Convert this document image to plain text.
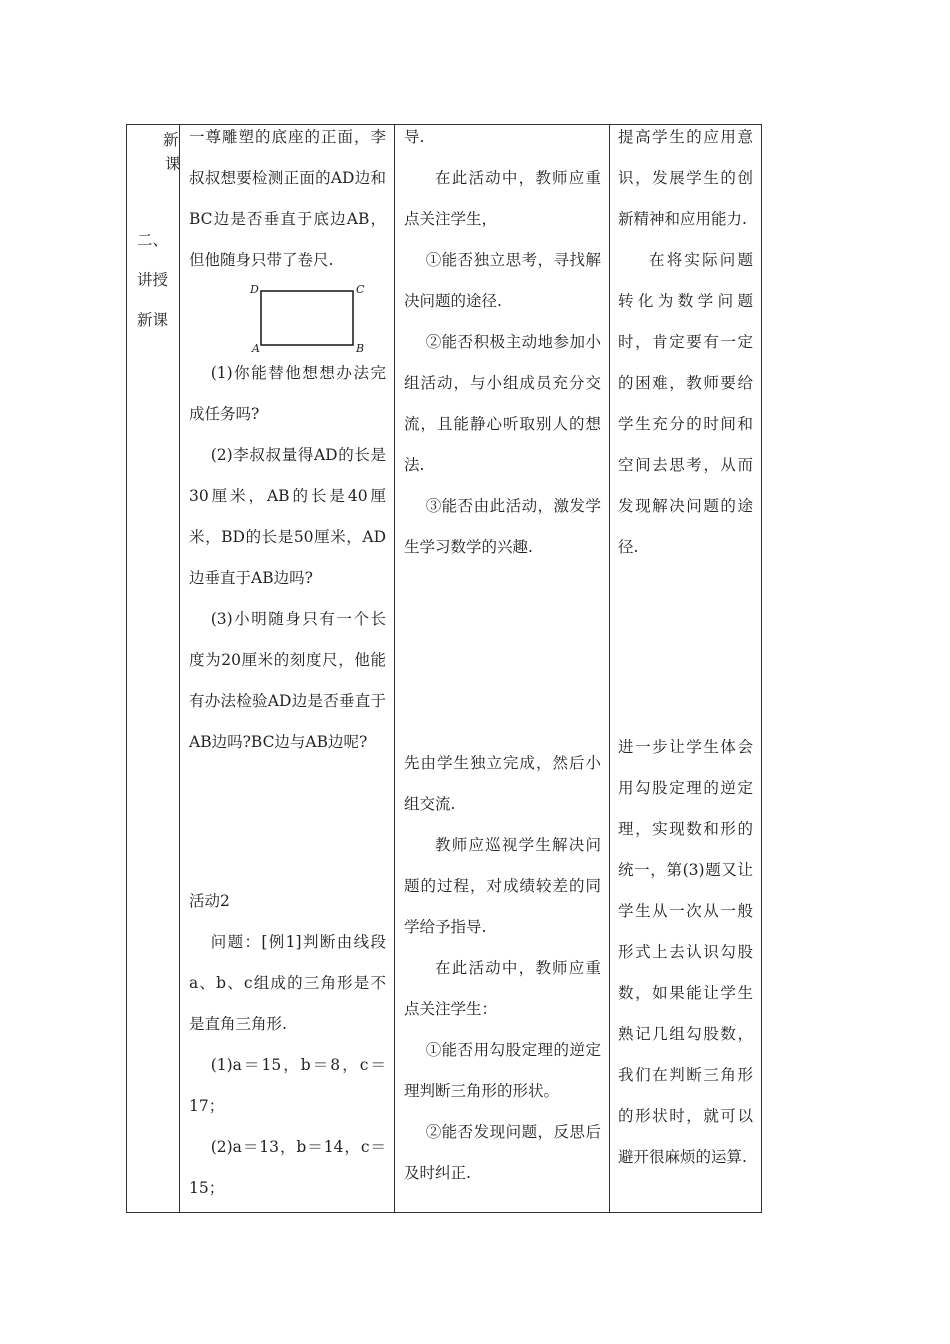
新
课
二、
讲授
新课

一尊雕塑的底座的正面，李叔叔想要检测正面的AD边和BC边是否垂直于底边AB，但他随身只带了卷尺.

D	C
A	B

(1)你能替他想想办法完成任务吗?

(2)李叔叔量得AD的长是30厘米，AB的长是40厘米，BD的长是50厘米，AD边垂直于AB边吗?

(3)小明随身只有一个长度为20厘米的刻度尺，他能有办法检验AD边是否垂直于AB边吗?BC边与AB边呢?

活动2

问题：[例1]判断由线段a、b、c组成的三角形是不是直角三角形.

(1)a＝15，b＝8，c＝17；

(2)a＝13，b＝14，c＝15；

导.

在此活动中，教师应重点关注学生，

①能否独立思考，寻找解决问题的途径.

②能否积极主动地参加小组活动，与小组成员充分交流，且能静心听取别人的想法.

③能否由此活动，激发学生学习数学的兴趣.

先由学生独立完成，然后小组交流.

教师应巡视学生解决问题的过程，对成绩较差的同学给予指导.

在此活动中，教师应重点关注学生：

①能否用勾股定理的逆定理判断三角形的形状。

②能否发现问题，反思后及时纠正.

提高学生的应用意识，发展学生的创新精神和应用能力.

在将实际问题转化为数学问题时，肯定要有一定的困难，教师要给学生充分的时间和空间去思考，从而发现解决问题的途径.

进一步让学生体会用勾股定理的逆定理，实现数和形的统一，第(3)题又让学生从一次从一般形式上去认识勾股数，如果能让学生熟记几组勾股数，我们在判断三角形的形状时，就可以避开很麻烦的运算.
